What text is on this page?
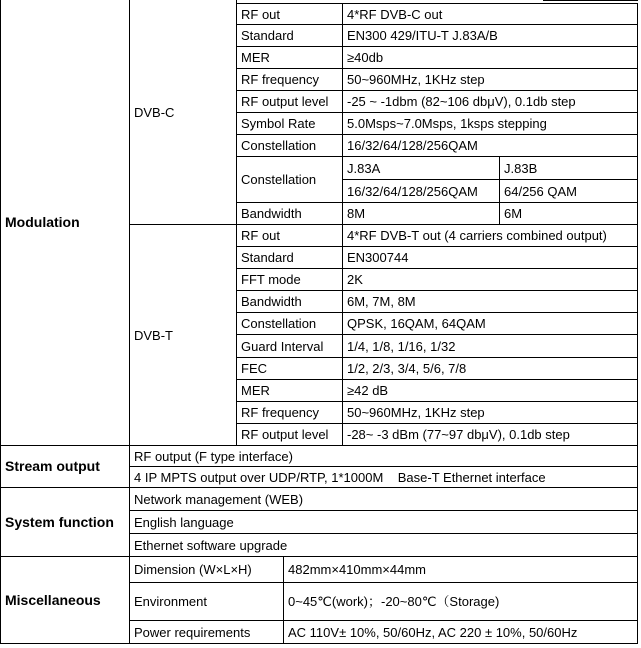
Modulation
DVB-C
RF out	4*RF DVB-C out
Standard	EN300 429/ITU-T J.83A/B
MER	≥40db
RF frequency	50~960MHz, 1KHz step
RF output level	-25 ~ -1dbm (82~106 dbμV), 0.1db step
Symbol Rate	5.0Msps~7.0Msps, 1ksps stepping
Constellation	16/32/64/128/256QAM
Constellation
J.83A	J.83B
16/32/64/128/256QAM	64/256 QAM
Bandwidth	8M	6M
DVB-T
RF out	4*RF DVB-T out (4 carriers combined output)
Standard	EN300744
FFT mode	2K
Bandwidth	6M, 7M, 8M
Constellation	QPSK, 16QAM, 64QAM
Guard Interval	1/4, 1/8, 1/16, 1/32
FEC	1/2, 2/3, 3/4, 5/6, 7/8
MER	≥42 dB
RF frequency	50~960MHz, 1KHz step
RF output level	-28~ -3 dBm (77~97 dbμV), 0.1db step
Stream output
RF output (F type interface)
4 IP MPTS output over UDP/RTP, 1*1000M    Base-T Ethernet interface
System function
Network management (WEB)
English language
Ethernet software upgrade
Miscellaneous
Dimension (W×L×H)	482mm×410mm×44mm
Environment	0~45℃(work)；-20~80℃（Storage)
Power requirements	AC 110V± 10%, 50/60Hz, AC 220 ± 10%, 50/60Hz
